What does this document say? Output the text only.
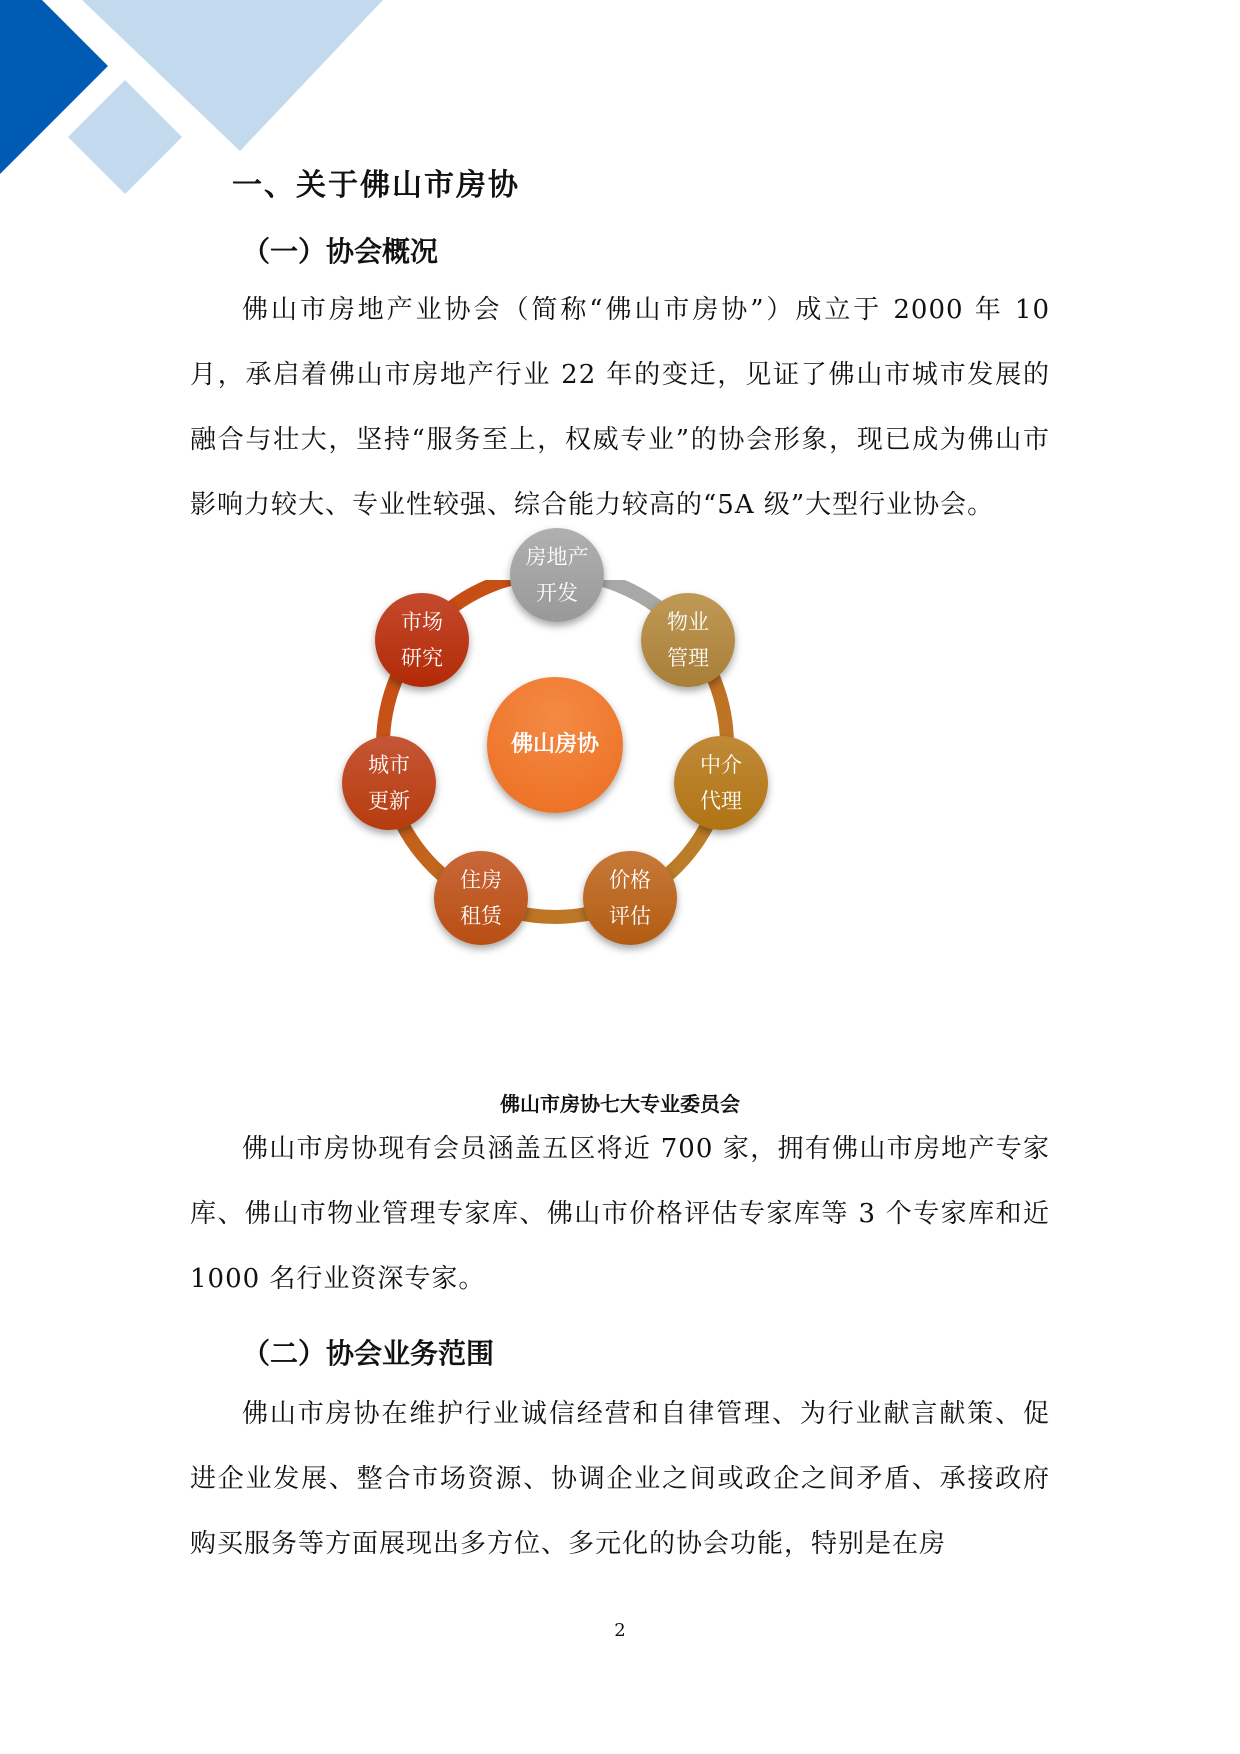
一、关于佛山市房协
（一）协会概况

佛山市房地产业协会（简称“佛山市房协”）成立于 2000 年 10 月，承启着佛山市房地产行业 22 年的变迁，见证了佛山市城市发展的融合与壮大，坚持“服务至上，权威专业”的协会形象，现已成为佛山市影响力较大、专业性较强、综合能力较高的“5A 级”大型行业协会。

佛山房协
房地产
开发
物业
管理
中介
代理
价格
评估
住房
租赁
城市
更新
市场
研究
佛山市房协七大专业委员会

佛山市房协现有会员涵盖五区将近 700 家，拥有佛山市房地产专家库、佛山市物业管理专家库、佛山市价格评估专家库等 3 个专家库和近 1000 名行业资深专家。

（二）协会业务范围

佛山市房协在维护行业诚信经营和自律管理、为行业献言献策、促进企业发展、整合市场资源、协调企业之间或政企之间矛盾、承接政府购买服务等方面展现出多方位、多元化的协会功能，特别是在房

2
